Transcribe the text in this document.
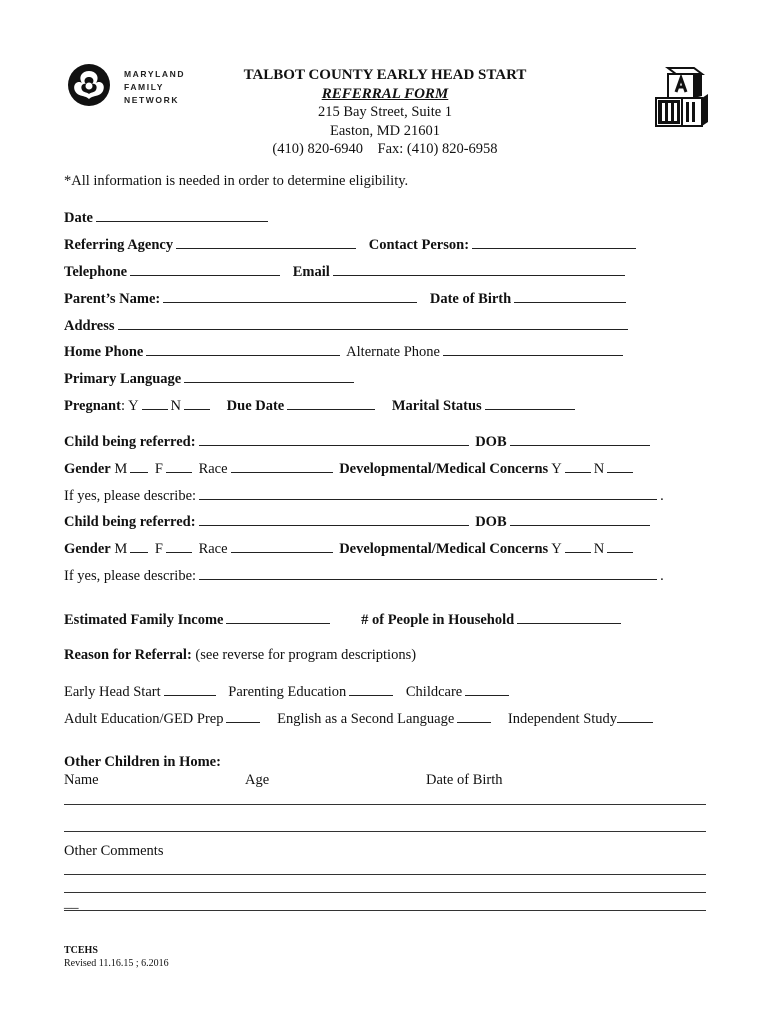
MARYLAND
FAMILY
NETWORK
TALBOT COUNTY EARLY HEAD START
REFERRAL FORM
215 Bay Street, Suite 1
Easton, MD 21601
(410) 820-6940    Fax: (410) 820-6958
*All information is needed in order to determine eligibility.
Date
Referring Agency	Contact Person:
Telephone	Email
Parent’s Name:	Date of Birth
Address
Home Phone	Alternate Phone
Primary Language
Pregnant: Y N	Due Date	Marital Status
Child being referred:	DOB
Gender M F Race	Developmental/Medical Concerns Y N
If yes, please describe:	.
Child being referred:	DOB
Gender M F Race	Developmental/Medical Concerns Y N
If yes, please describe:	.
Estimated Family Income	# of People in Household
Reason for Referral: (see reverse for program descriptions)
Early Head Start	Parenting Education	Childcare
Adult Education/GED Prep	English as a Second Language	Independent Study
Other Children in Home:
Name	Age	Date of Birth
Other Comments
__
TCEHS
Revised 11.16.15 ; 6.2016
